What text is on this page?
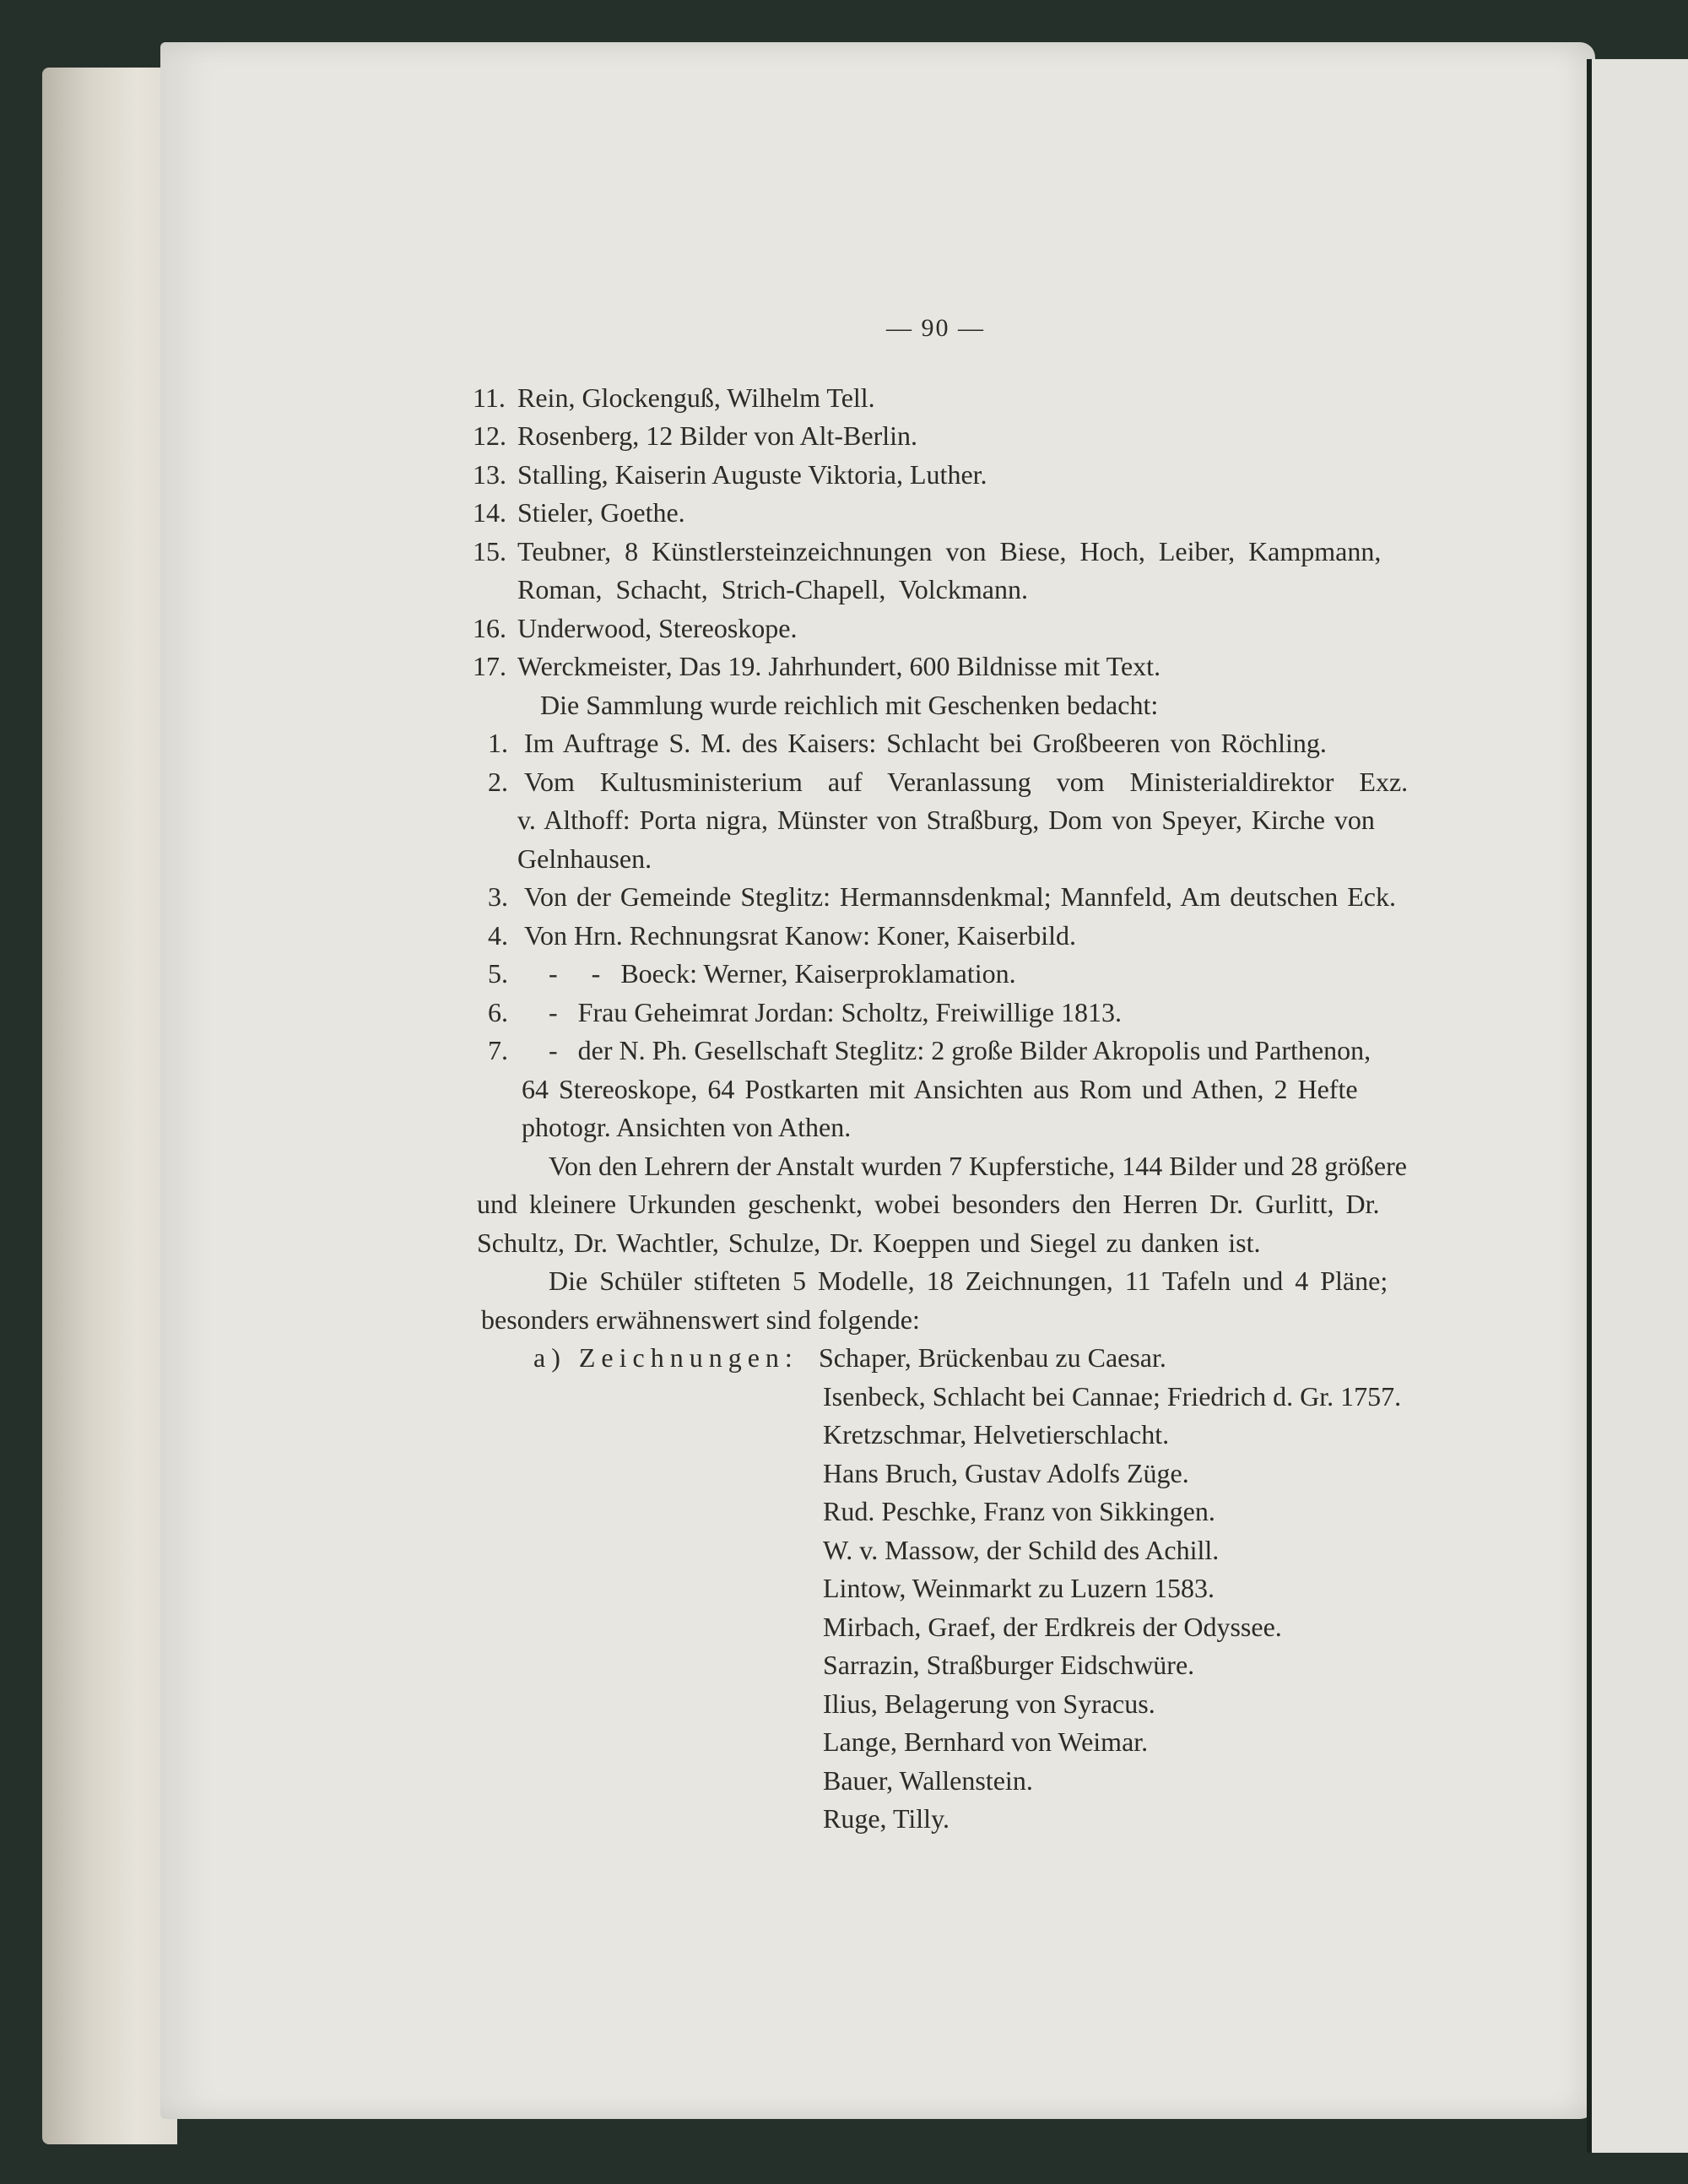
— 90 —
11. Rein, Glockenguß, Wilhelm Tell.
12. Rosenberg, 12 Bilder von Alt-Berlin.
13. Stalling, Kaiserin Auguste Viktoria, Luther.
14. Stieler, Goethe.
15. Teubner, 8 Künstlersteinzeichnungen von Biese, Hoch, Leiber, Kampmann,
Roman, Schacht, Strich-Chapell, Volckmann.
16. Underwood, Stereoskope.
17. Werckmeister, Das 19. Jahrhundert, 600 Bildnisse mit Text.
Die Sammlung wurde reichlich mit Geschenken bedacht:
1. Im Auftrage S. M. des Kaisers: Schlacht bei Großbeeren von Röchling.
2. Vom Kultusministerium auf Veranlassung vom Ministerialdirektor Exz.
v. Althoff: Porta nigra, Münster von Straßburg, Dom von Speyer, Kirche von
Gelnhausen.
3. Von der Gemeinde Steglitz: Hermannsdenkmal; Mannfeld, Am deutschen Eck.
4. Von Hrn. Rechnungsrat Kanow: Koner, Kaiserbild.
5. -     -   Boeck: Werner, Kaiserproklamation.
6. -   Frau Geheimrat Jordan: Scholtz, Freiwillige 1813.
7. -   der N. Ph. Gesellschaft Steglitz: 2 große Bilder Akropolis und Parthenon,
64 Stereoskope, 64 Postkarten mit Ansichten aus Rom und Athen, 2 Hefte
photogr. Ansichten von Athen.
Von den Lehrern der Anstalt wurden 7 Kupferstiche, 144 Bilder und 28 größere
und kleinere Urkunden geschenkt, wobei besonders den Herren Dr. Gurlitt, Dr.
Schultz, Dr. Wachtler, Schulze, Dr. Koeppen und Siegel zu danken ist.
Die Schüler stifteten 5 Modelle, 18 Zeichnungen, 11 Tafeln und 4 Pläne;
besonders erwähnenswert sind folgende:
a) Zeichnungen: Schaper, Brückenbau zu Caesar.
Isenbeck, Schlacht bei Cannae; Friedrich d. Gr. 1757.
Kretzschmar, Helvetierschlacht.
Hans Bruch, Gustav Adolfs Züge.
Rud. Peschke, Franz von Sikkingen.
W. v. Massow, der Schild des Achill.
Lintow, Weinmarkt zu Luzern 1583.
Mirbach, Graef, der Erdkreis der Odyssee.
Sarrazin, Straßburger Eidschwüre.
Ilius, Belagerung von Syracus.
Lange, Bernhard von Weimar.
Bauer, Wallenstein.
Ruge, Tilly.
